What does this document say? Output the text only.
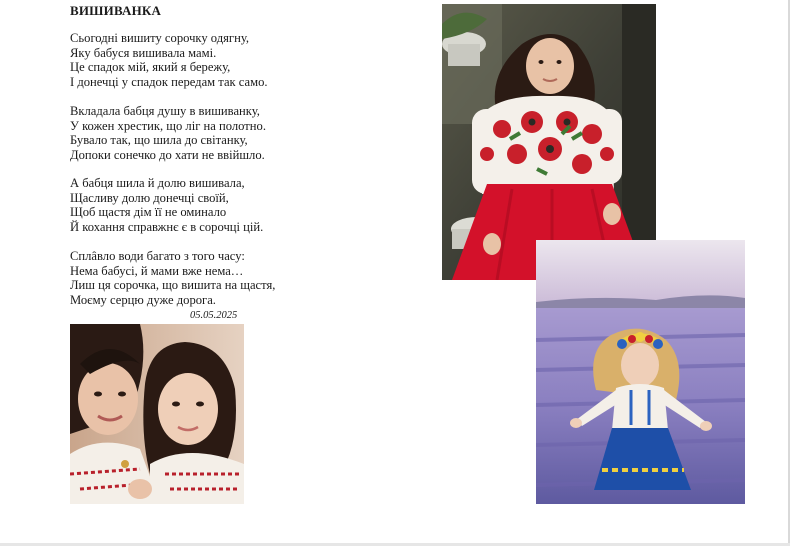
ВИШИВАНКА
Сьогодні вишиту сорочку одягну,
Яку бабуся вишивала мамі.
Це спадок мій, який я бережу,
І донечці у спадок передам так само.
Вкладала бабця душу в вишиванку,
У кожен хрестик, що ліг на полотно.
Бувало так, що шила до світанку,
Допоки сонечко до хати не ввійшло.
А бабця шила й долю вишивала,
Щасливу долю донечці своїй,
Щоб щастя дім її не оминало
Й кохання справжнє є в сорочці цій.
Сплâвло води багато з того часу:
Нема бабусі, й мами вже нема…
Лиш ця сорочка, що вишита на щастя,
Моєму серцю дуже дорога.
05.05.2025
